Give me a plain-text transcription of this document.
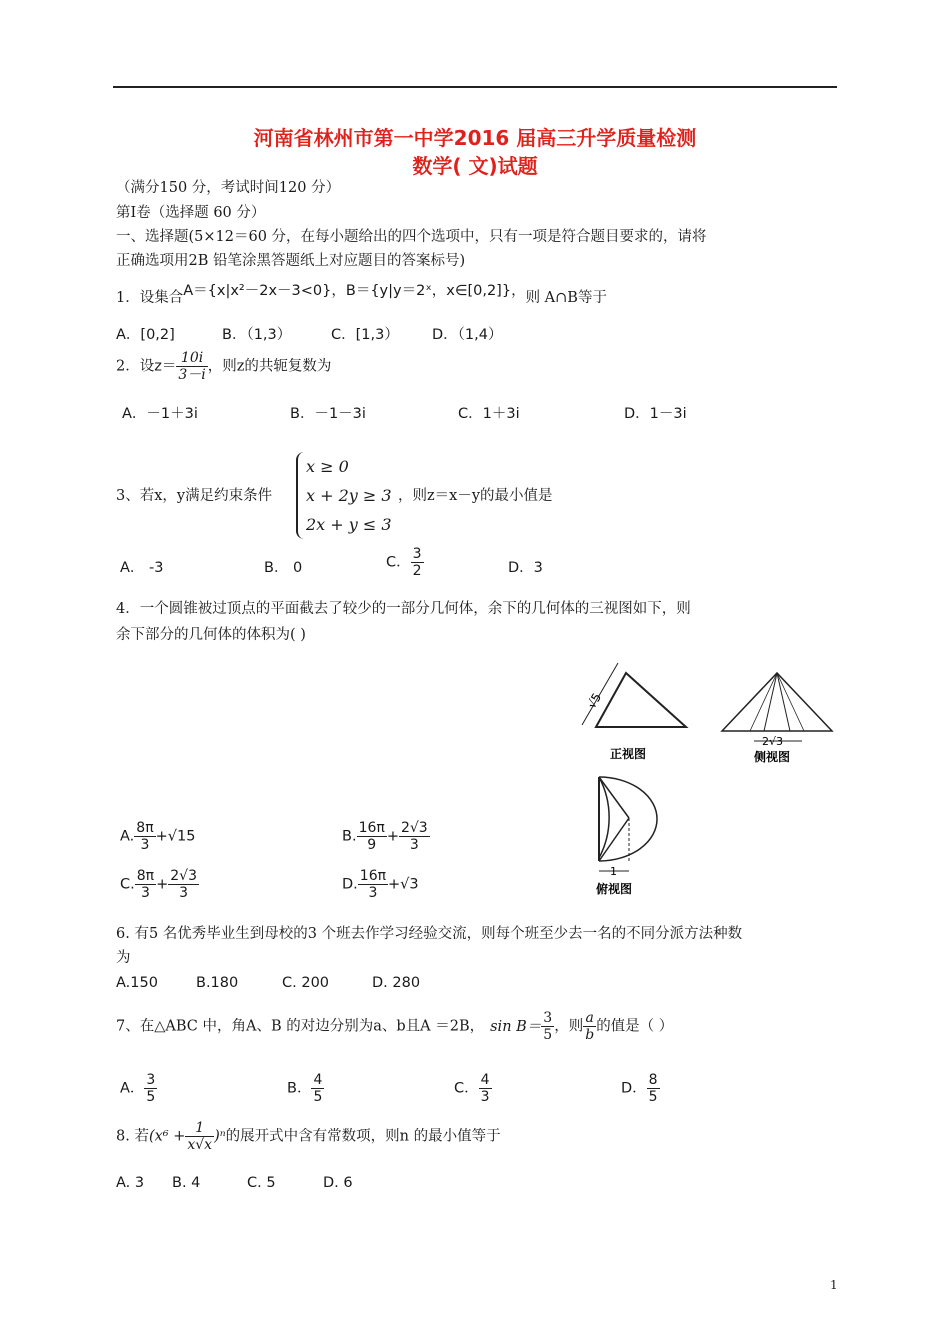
河南省林州市第一中学2016 届高三升学质量检测
数学( 文)试题
（满分150 分，考试时间120 分）
第Ⅰ卷（选择题 60 分）
一、选择题(5×12＝60 分，在每小题给出的四个选项中，只有一项是符合题目要求的，请将
正确选项用2B 铅笔涂黑答题纸上对应题目的答案标号)
1．设集合A＝{x|x²－2x－3<0}，B＝{y|y＝2ˣ，x∈[0,2]}，则 A∩B等于
A．[0,2]	B．（1,3）	C．[1,3） D．（1,4）
2．设$z= \frac{10i}{3-i}$ ，则z的共轭复数为
A．－1＋3i	B．－1－3i	C．1＋3i	D．1－3i
3、若x，y满足约束条件
x ≥ 0
x + 2y ≥ 3
2x + y ≤ 3
，则z＝x－y的最小值是
A． -3	B． 0	C． $\frac{3}{2}$	D．3
4．一个圆锥被过顶点的平面截去了较少的一部分几何体，余下的几何体的三视图如下，则
余下部分的几何体的体积为( )
√5
正视图
2√3
侧视图
1
俯视图
A. $\frac{8\pi}{3} +√15$	B. $\frac{16\pi}{9} + \frac{2√3}{3}$
C. $\frac{8\pi}{3} + \frac{2√3}{3}$	D. $\frac{16\pi}{3} +√3$
6. 有5 名优秀毕业生到母校的3 个班去作学习经验交流，则每个班至少去一名的不同分派方法种数
为
A.150	B.180	C. 200	D. 280
7、在△ABC 中，角A、B 的对边分别为a、b且A ＝2B， $\sin B= \frac{3}{5}$ ，则 $\frac{a}{b}$ 的值是（ ）
A． $\frac{3}{5}$	B． $\frac{4}{5}$	C． $\frac{4}{3}$	D． $\frac{8}{5}$
8. 若$(x^6 + \frac{1}{x√x} )^n$的展开式中含有常数项，则n 的最小值等于
A. 3 B. 4	C. 5	D. 6
1
